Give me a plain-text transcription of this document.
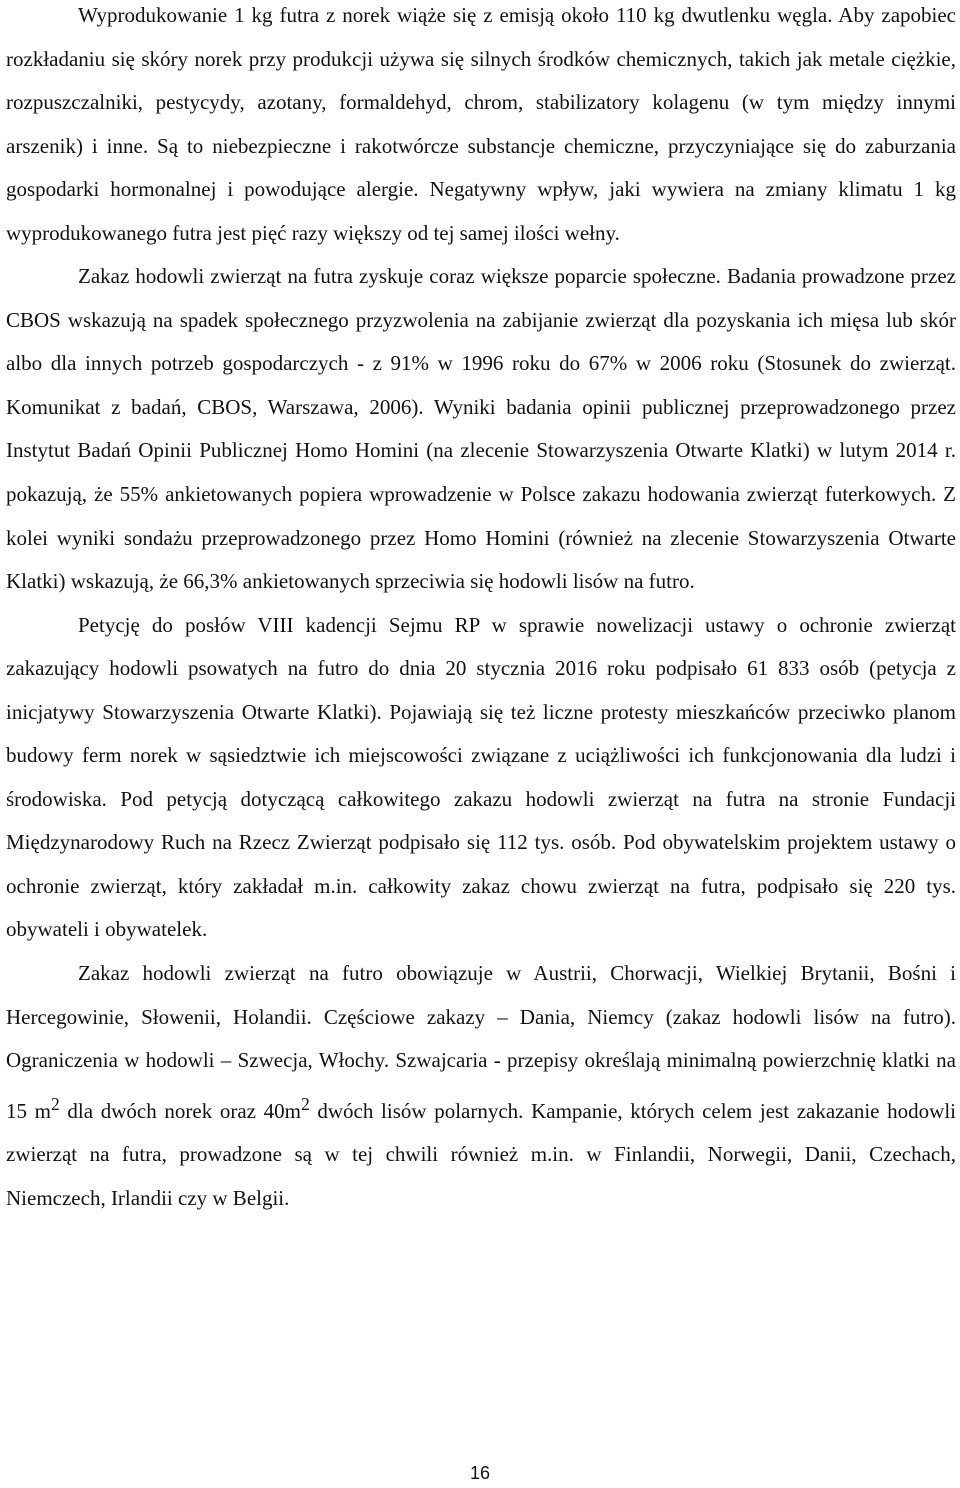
Wyprodukowanie 1 kg futra z norek wiąże się z emisją około 110 kg dwutlenku węgla. Aby zapobiec rozkładaniu się skóry norek przy produkcji używa się silnych środków chemicznych, takich jak metale ciężkie, rozpuszczalniki, pestycydy, azotany, formaldehyd, chrom, stabilizatory kolagenu (w tym między innymi arszenik) i inne. Są to niebezpieczne i rakotwórcze substancje chemiczne, przyczyniające się do zaburzania gospodarki hormonalnej i powodujące alergie. Negatywny wpływ, jaki wywiera na zmiany klimatu 1 kg wyprodukowanego futra jest pięć razy większy od tej samej ilości wełny.

Zakaz hodowli zwierząt na futra zyskuje coraz większe poparcie społeczne. Badania prowadzone przez CBOS wskazują na spadek społecznego przyzwolenia na zabijanie zwierząt dla pozyskania ich mięsa lub skór albo dla innych potrzeb gospodarczych - z 91% w 1996 roku do 67% w 2006 roku (Stosunek do zwierząt. Komunikat z badań, CBOS, Warszawa, 2006). Wyniki badania opinii publicznej przeprowadzonego przez Instytut Badań Opinii Publicznej Homo Homini (na zlecenie Stowarzyszenia Otwarte Klatki) w lutym 2014 r. pokazują, że 55% ankietowanych popiera wprowadzenie w Polsce zakazu hodowania zwierząt futerkowych. Z kolei wyniki sondażu przeprowadzonego przez Homo Homini (również na zlecenie Stowarzyszenia Otwarte Klatki) wskazują, że 66,3% ankietowanych sprzeciwia się hodowli lisów na futro.

Petycję do posłów VIII kadencji Sejmu RP w sprawie nowelizacji ustawy o ochronie zwierząt zakazujący hodowli psowatych na futro do dnia 20 stycznia 2016 roku podpisało 61 833 osób (petycja z inicjatywy Stowarzyszenia Otwarte Klatki). Pojawiają się też liczne protesty mieszkańców przeciwko planom budowy ferm norek w sąsiedztwie ich miejscowości związane z uciążliwości ich funkcjonowania dla ludzi i środowiska. Pod petycją dotyczącą całkowitego zakazu hodowli zwierząt na futra na stronie Fundacji Międzynarodowy Ruch na Rzecz Zwierząt podpisało się 112 tys. osób. Pod obywatelskim projektem ustawy o ochronie zwierząt, który zakładał m.in. całkowity zakaz chowu zwierząt na futra, podpisało się 220 tys. obywateli i obywatelek.

Zakaz hodowli zwierząt na futro obowiązuje w Austrii, Chorwacji, Wielkiej Brytanii, Bośni i Hercegowinie, Słowenii, Holandii. Częściowe zakazy – Dania, Niemcy (zakaz hodowli lisów na futro). Ograniczenia w hodowli – Szwecja, Włochy. Szwajcaria - przepisy określają minimalną powierzchnię klatki na 15 $m^2$ dla dwóch norek oraz $40m^2$ dwóch lisów polarnych. Kampanie, których celem jest zakazanie hodowli zwierząt na futra, prowadzone są w tej chwili również m.in. w Finlandii, Norwegii, Danii, Czechach, Niemczech, Irlandii czy w Belgii.

16
